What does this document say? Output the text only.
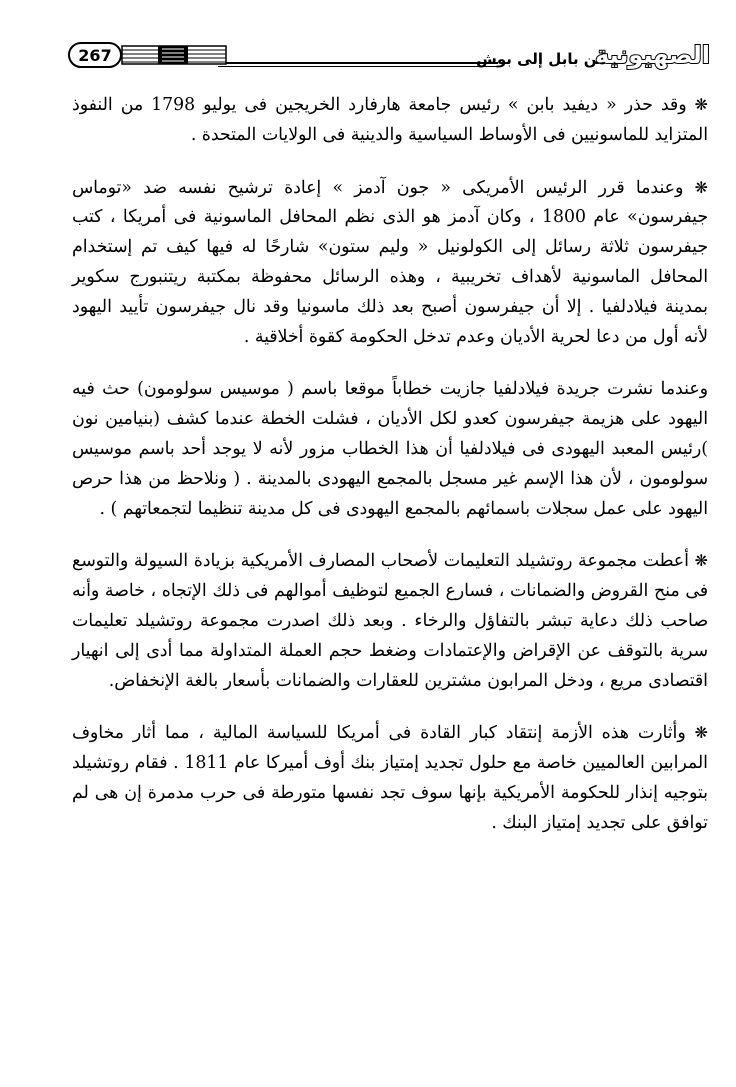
267	..من بابل إلى بوش
الصهيونية

❋ وقد حذر « ديفيد بابن » رئيس جامعة هارفارد الخريجين فى يوليو 1798 من النفوذ المتزايد للماسونيين فى الأوساط السياسية والدينية فى الولايات المتحدة .

❋ وعندما قرر الرئيس الأمريكى « جون آدمز » إعادة ترشيح نفسه ضد «توماس جيفرسون» عام 1800 ، وكان آدمز هو الذى نظم المحافل الماسونية فى أمريكا ، كتب جيفرسون ثلاثة رسائل إلى الكولونيل « وليم ستون» شارحًا له فيها كيف تم إستخدام المحافل الماسونية لأهداف تخريبية ، وهذه الرسائل محفوظة بمكتبة ريتنبورج سكوير بمدينة فيلادلفيا . إلا أن جيفرسون أصبح بعد ذلك ماسونيا وقد نال جيفرسون تأييد اليهود لأنه أول من دعا لحرية الأديان وعدم تدخل الحكومة كقوة أخلاقية .

وعندما نشرت جريدة فيلادلفيا جازيت خطاباً موقعا باسم ( موسيس سولومون) حث فيه اليهود على هزيمة جيفرسون كعدو لكل الأديان ، فشلت الخطة عندما كشف (بنيامين نون )رئيس المعبد اليهودى فى فيلادلفيا أن هذا الخطاب مزور لأنه لا يوجد أحد باسم موسيس سولومون ، لأن هذا الإسم غير مسجل بالمجمع اليهودى بالمدينة . ( ونلاحظ من هذا حرص اليهود على عمل سجلات باسمائهم بالمجمع اليهودى فى كل مدينة تنظيما لتجمعاتهم ) .

❋ أعطت مجموعة روتشيلد التعليمات لأصحاب المصارف الأمريكية بزيادة السيولة والتوسع فى منح القروض والضمانات ، فسارع الجميع لتوظيف أموالهم فى ذلك الإتجاه ، خاصة وأنه صاحب ذلك دعاية تبشر بالتفاؤل والرخاء . وبعد ذلك اصدرت مجموعة روتشيلد تعليمات سرية بالتوقف عن الإقراض والإعتمادات وضغط حجم العملة المتداولة مما أدى إلى انهيار اقتصادى مريع ، ودخل المرابون مشترين للعقارات والضمانات بأسعار بالغة الإنخفاض.

❋ وأثارت هذه الأزمة إنتقاد كبار القادة فى أمريكا للسياسة المالية ، مما أثار مخاوف المرابين العالميين خاصة مع حلول تجديد إمتياز بنك أوف أميركا عام 1811 . فقام روتشيلد بتوجيه إنذار للحكومة الأمريكية بإنها سوف تجد نفسها متورطة فى حرب مدمرة إن هى لم توافق على تجديد إمتياز البنك .
